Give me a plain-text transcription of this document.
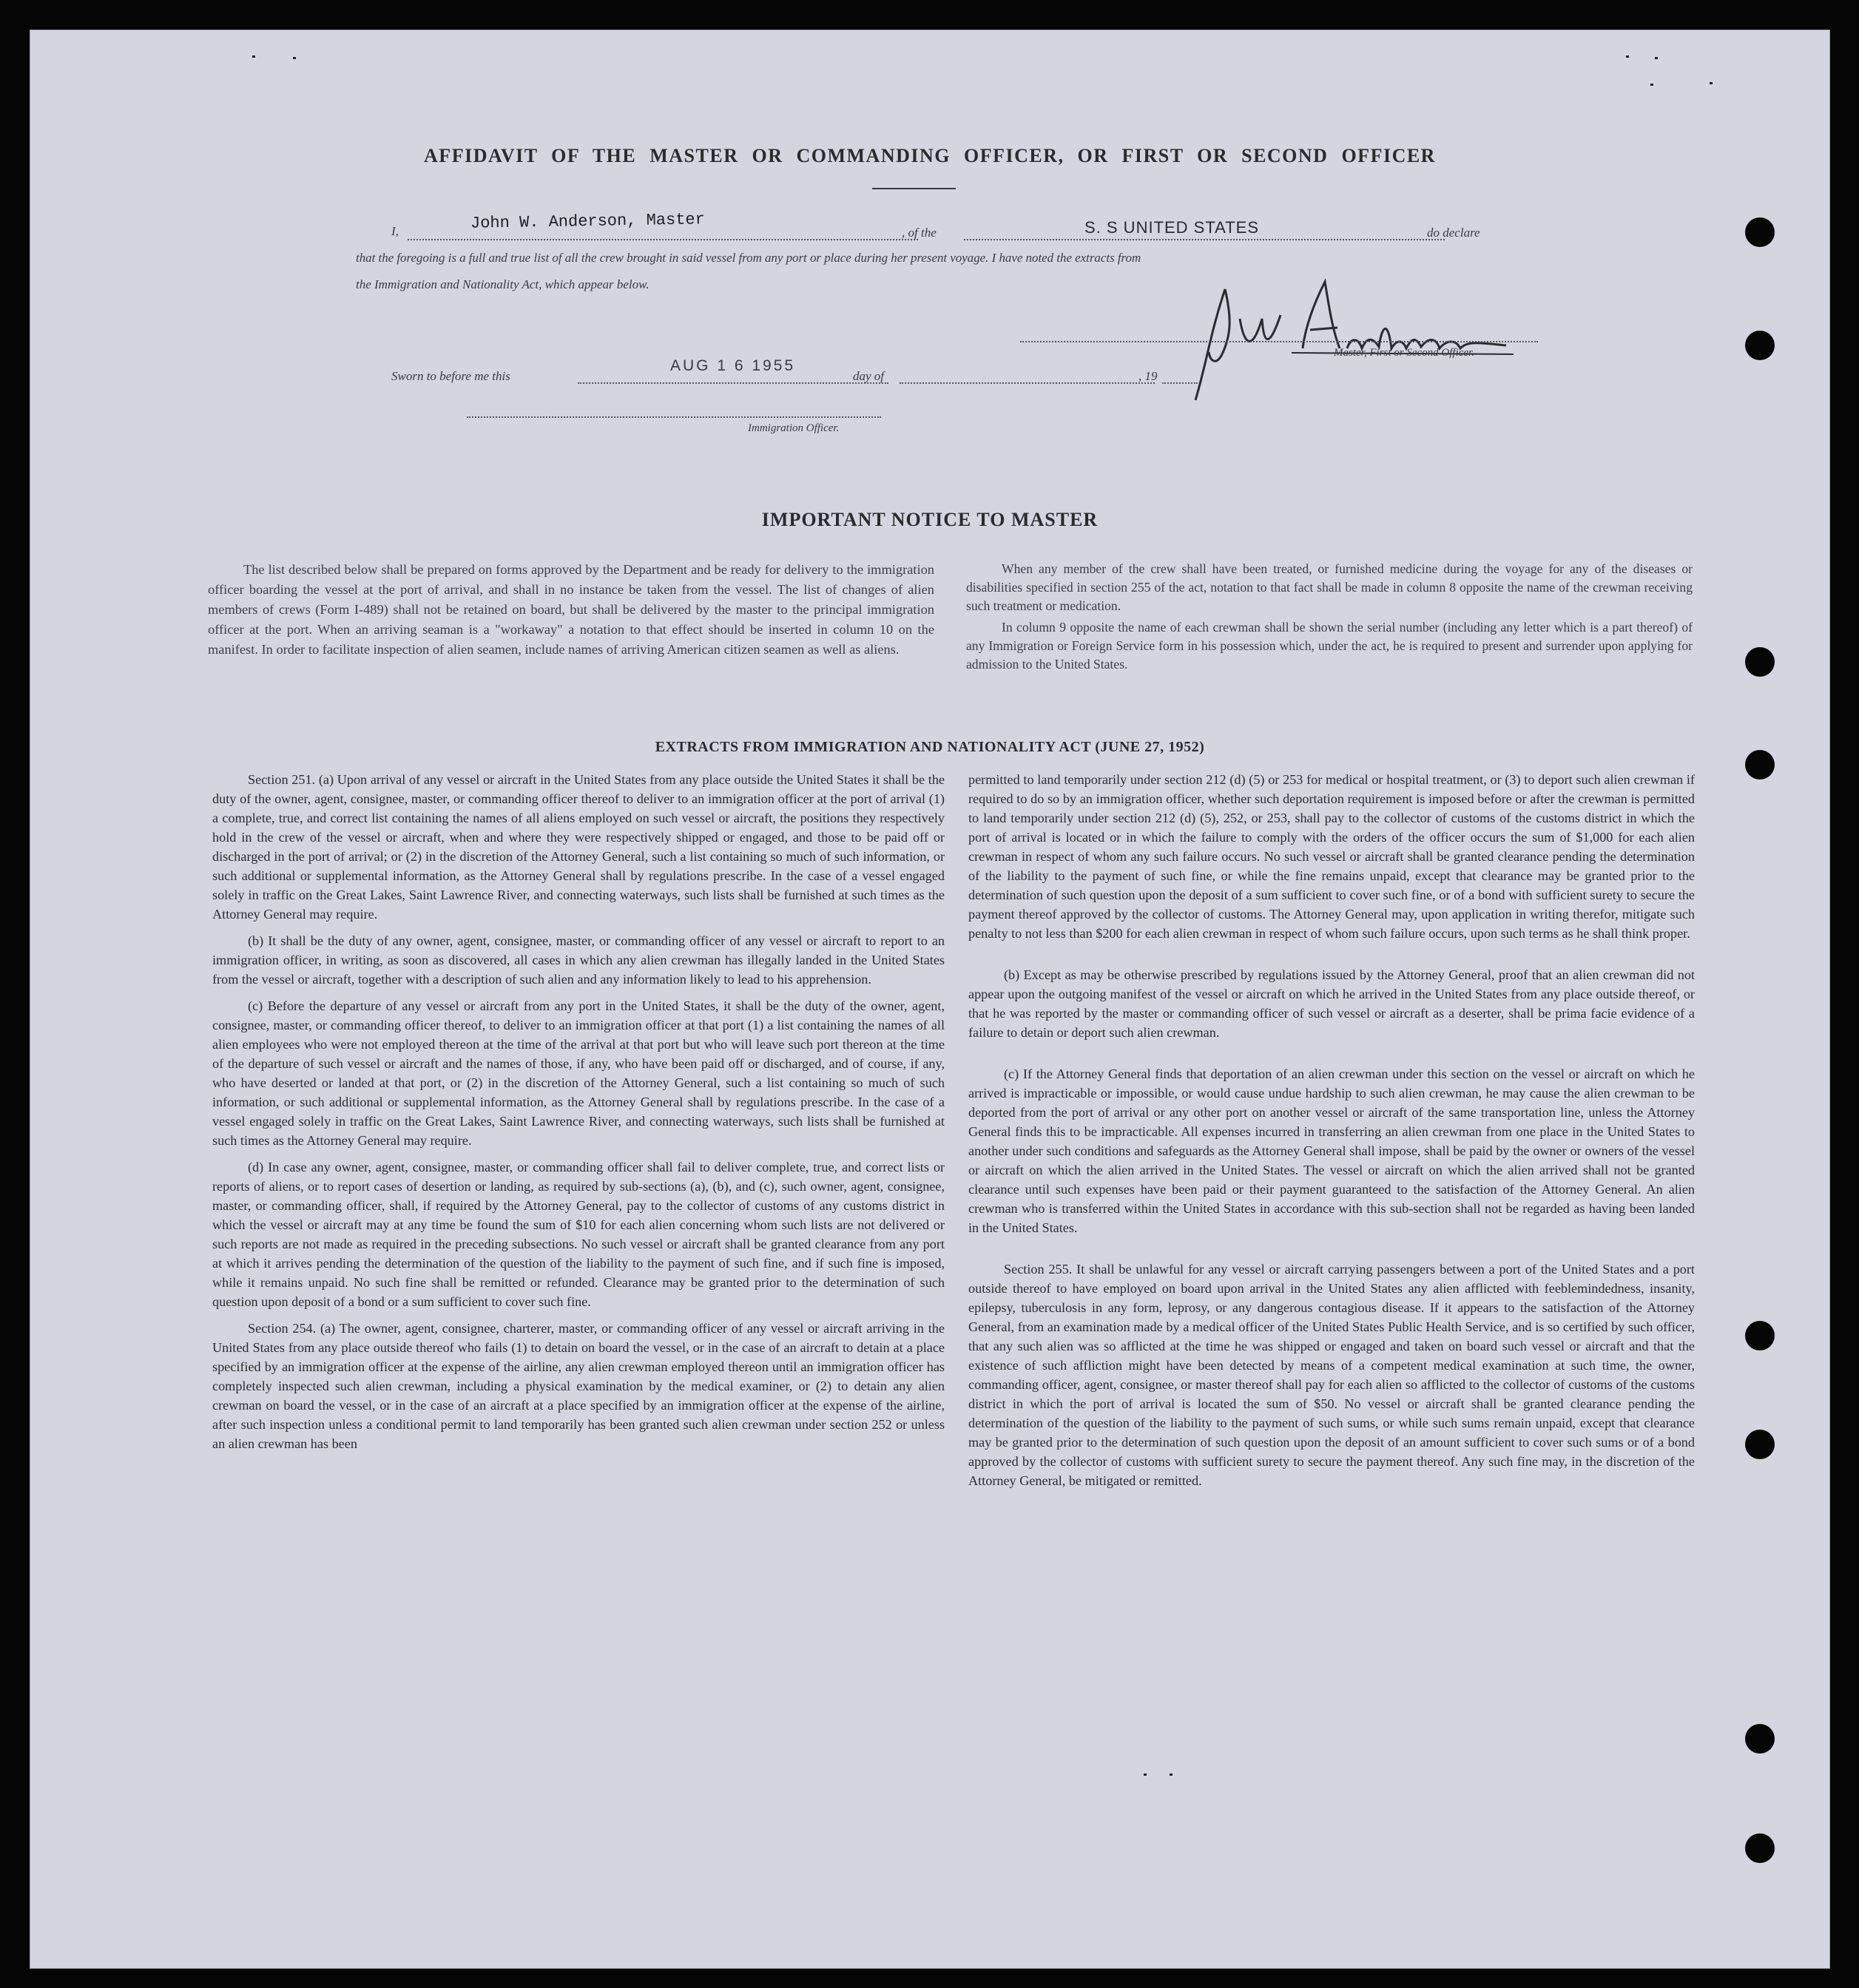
AFFIDAVIT OF THE MASTER OR COMMANDING OFFICER, OR FIRST OR SECOND OFFICER
I,	John W. Anderson, Master	, of the	S. S UNITED STATES	do declare
that the foregoing is a full and true list of all the crew brought in said vessel from any port or place during her present voyage. I have noted the extracts from
the Immigration and Nationality Act, which appear below.
Master, First or Second Officer.
Sworn to before me this
AUG 1 6 1955
day of	, 19
Immigration Officer.
IMPORTANT NOTICE TO MASTER

The list described below shall be prepared on forms approved by the Department and be ready for delivery to the immigration officer boarding the vessel at the port of arrival, and shall in no instance be taken from the vessel. The list of changes of alien members of crews (Form I-489) shall not be retained on board, but shall be delivered by the master to the principal immigration officer at the port. When an arriving seaman is a "workaway" a notation to that effect should be inserted in column 10 on the manifest. In order to facilitate inspection of alien seamen, include names of arriving American citizen seamen as well as aliens.

When any member of the crew shall have been treated, or furnished medicine during the voyage for any of the diseases or disabilities specified in section 255 of the act, notation to that fact shall be made in column 8 opposite the name of the crewman receiving such treatment or medication.

In column 9 opposite the name of each crewman shall be shown the serial number (including any letter which is a part thereof) of any Immigration or Foreign Service form in his possession which, under the act, he is required to present and surrender upon applying for admission to the United States.

EXTRACTS FROM IMMIGRATION AND NATIONALITY ACT (JUNE 27, 1952)

Section 251. (a) Upon arrival of any vessel or aircraft in the United States from any place outside the United States it shall be the duty of the owner, agent, consignee, master, or commanding officer thereof to deliver to an immigration officer at the port of arrival (1) a complete, true, and correct list containing the names of all aliens employed on such vessel or aircraft, the positions they respectively hold in the crew of the vessel or aircraft, when and where they were respectively shipped or engaged, and those to be paid off or discharged in the port of arrival; or (2) in the discretion of the Attorney General, such a list containing so much of such information, or such additional or supplemental information, as the Attorney General shall by regulations prescribe. In the case of a vessel engaged solely in traffic on the Great Lakes, Saint Lawrence River, and connecting waterways, such lists shall be furnished at such times as the Attorney General may require.

(b) It shall be the duty of any owner, agent, consignee, master, or commanding officer of any vessel or aircraft to report to an immigration officer, in writing, as soon as discovered, all cases in which any alien crewman has illegally landed in the United States from the vessel or aircraft, together with a description of such alien and any information likely to lead to his apprehension.

(c) Before the departure of any vessel or aircraft from any port in the United States, it shall be the duty of the owner, agent, consignee, master, or commanding officer thereof, to deliver to an immigration officer at that port (1) a list containing the names of all alien employees who were not employed thereon at the time of the arrival at that port but who will leave such port thereon at the time of the departure of such vessel or aircraft and the names of those, if any, who have been paid off or discharged, and of course, if any, who have deserted or landed at that port, or (2) in the discretion of the Attorney General, such a list containing so much of such information, or such additional or supplemental information, as the Attorney General shall by regulations prescribe. In the case of a vessel engaged solely in traffic on the Great Lakes, Saint Lawrence River, and connecting waterways, such lists shall be furnished at such times as the Attorney General may require.

(d) In case any owner, agent, consignee, master, or commanding officer shall fail to deliver complete, true, and correct lists or reports of aliens, or to report cases of desertion or landing, as required by sub-sections (a), (b), and (c), such owner, agent, consignee, master, or commanding officer, shall, if required by the Attorney General, pay to the collector of customs of any customs district in which the vessel or aircraft may at any time be found the sum of $10 for each alien concerning whom such lists are not delivered or such reports are not made as required in the preceding subsections. No such vessel or aircraft shall be granted clearance from any port at which it arrives pending the determination of the question of the liability to the payment of such fine, and if such fine is imposed, while it remains unpaid. No such fine shall be remitted or refunded. Clearance may be granted prior to the determination of such question upon deposit of a bond or a sum sufficient to cover such fine.

Section 254. (a) The owner, agent, consignee, charterer, master, or commanding officer of any vessel or aircraft arriving in the United States from any place outside thereof who fails (1) to detain on board the vessel, or in the case of an aircraft to detain at a place specified by an immigration officer at the expense of the airline, any alien crewman employed thereon until an immigration officer has completely inspected such alien crewman, including a physical examination by the medical examiner, or (2) to detain any alien crewman on board the vessel, or in the case of an aircraft at a place specified by an immigration officer at the expense of the airline, after such inspection unless a conditional permit to land temporarily has been granted such alien crewman under section 252 or unless an alien crewman has been

permitted to land temporarily under section 212 (d) (5) or 253 for medical or hospital treatment, or (3) to deport such alien crewman if required to do so by an immigration officer, whether such deportation requirement is imposed before or after the crewman is permitted to land temporarily under section 212 (d) (5), 252, or 253, shall pay to the collector of customs of the customs district in which the port of arrival is located or in which the failure to comply with the orders of the officer occurs the sum of $1,000 for each alien crewman in respect of whom any such failure occurs. No such vessel or aircraft shall be granted clearance pending the determination of the liability to the payment of such fine, or while the fine remains unpaid, except that clearance may be granted prior to the determination of such question upon the deposit of a sum sufficient to cover such fine, or of a bond with sufficient surety to secure the payment thereof approved by the collector of customs. The Attorney General may, upon application in writing therefor, mitigate such penalty to not less than $200 for each alien crewman in respect of whom such failure occurs, upon such terms as he shall think proper.

(b) Except as may be otherwise prescribed by regulations issued by the Attorney General, proof that an alien crewman did not appear upon the outgoing manifest of the vessel or aircraft on which he arrived in the United States from any place outside thereof, or that he was reported by the master or commanding officer of such vessel or aircraft as a deserter, shall be prima facie evidence of a failure to detain or deport such alien crewman.

(c) If the Attorney General finds that deportation of an alien crewman under this section on the vessel or aircraft on which he arrived is impracticable or impossible, or would cause undue hardship to such alien crewman, he may cause the alien crewman to be deported from the port of arrival or any other port on another vessel or aircraft of the same transportation line, unless the Attorney General finds this to be impracticable. All expenses incurred in transferring an alien crewman from one place in the United States to another under such conditions and safeguards as the Attorney General shall impose, shall be paid by the owner or owners of the vessel or aircraft on which the alien arrived in the United States. The vessel or aircraft on which the alien arrived shall not be granted clearance until such expenses have been paid or their payment guaranteed to the satisfaction of the Attorney General. An alien crewman who is transferred within the United States in accordance with this sub-section shall not be regarded as having been landed in the United States.

Section 255. It shall be unlawful for any vessel or aircraft carrying passengers between a port of the United States and a port outside thereof to have employed on board upon arrival in the United States any alien afflicted with feeblemindedness, insanity, epilepsy, tuberculosis in any form, leprosy, or any dangerous contagious disease. If it appears to the satisfaction of the Attorney General, from an examination made by a medical officer of the United States Public Health Service, and is so certified by such officer, that any such alien was so afflicted at the time he was shipped or engaged and taken on board such vessel or aircraft and that the existence of such affliction might have been detected by means of a competent medical examination at such time, the owner, commanding officer, agent, consignee, or master thereof shall pay for each alien so afflicted to the collector of customs of the customs district in which the port of arrival is located the sum of $50. No vessel or aircraft shall be granted clearance pending the determination of the question of the liability to the payment of such sums, or while such sums remain unpaid, except that clearance may be granted prior to the determination of such question upon the deposit of an amount sufficient to cover such sums or of a bond approved by the collector of customs with sufficient surety to secure the payment thereof. Any such fine may, in the discretion of the Attorney General, be mitigated or remitted.
